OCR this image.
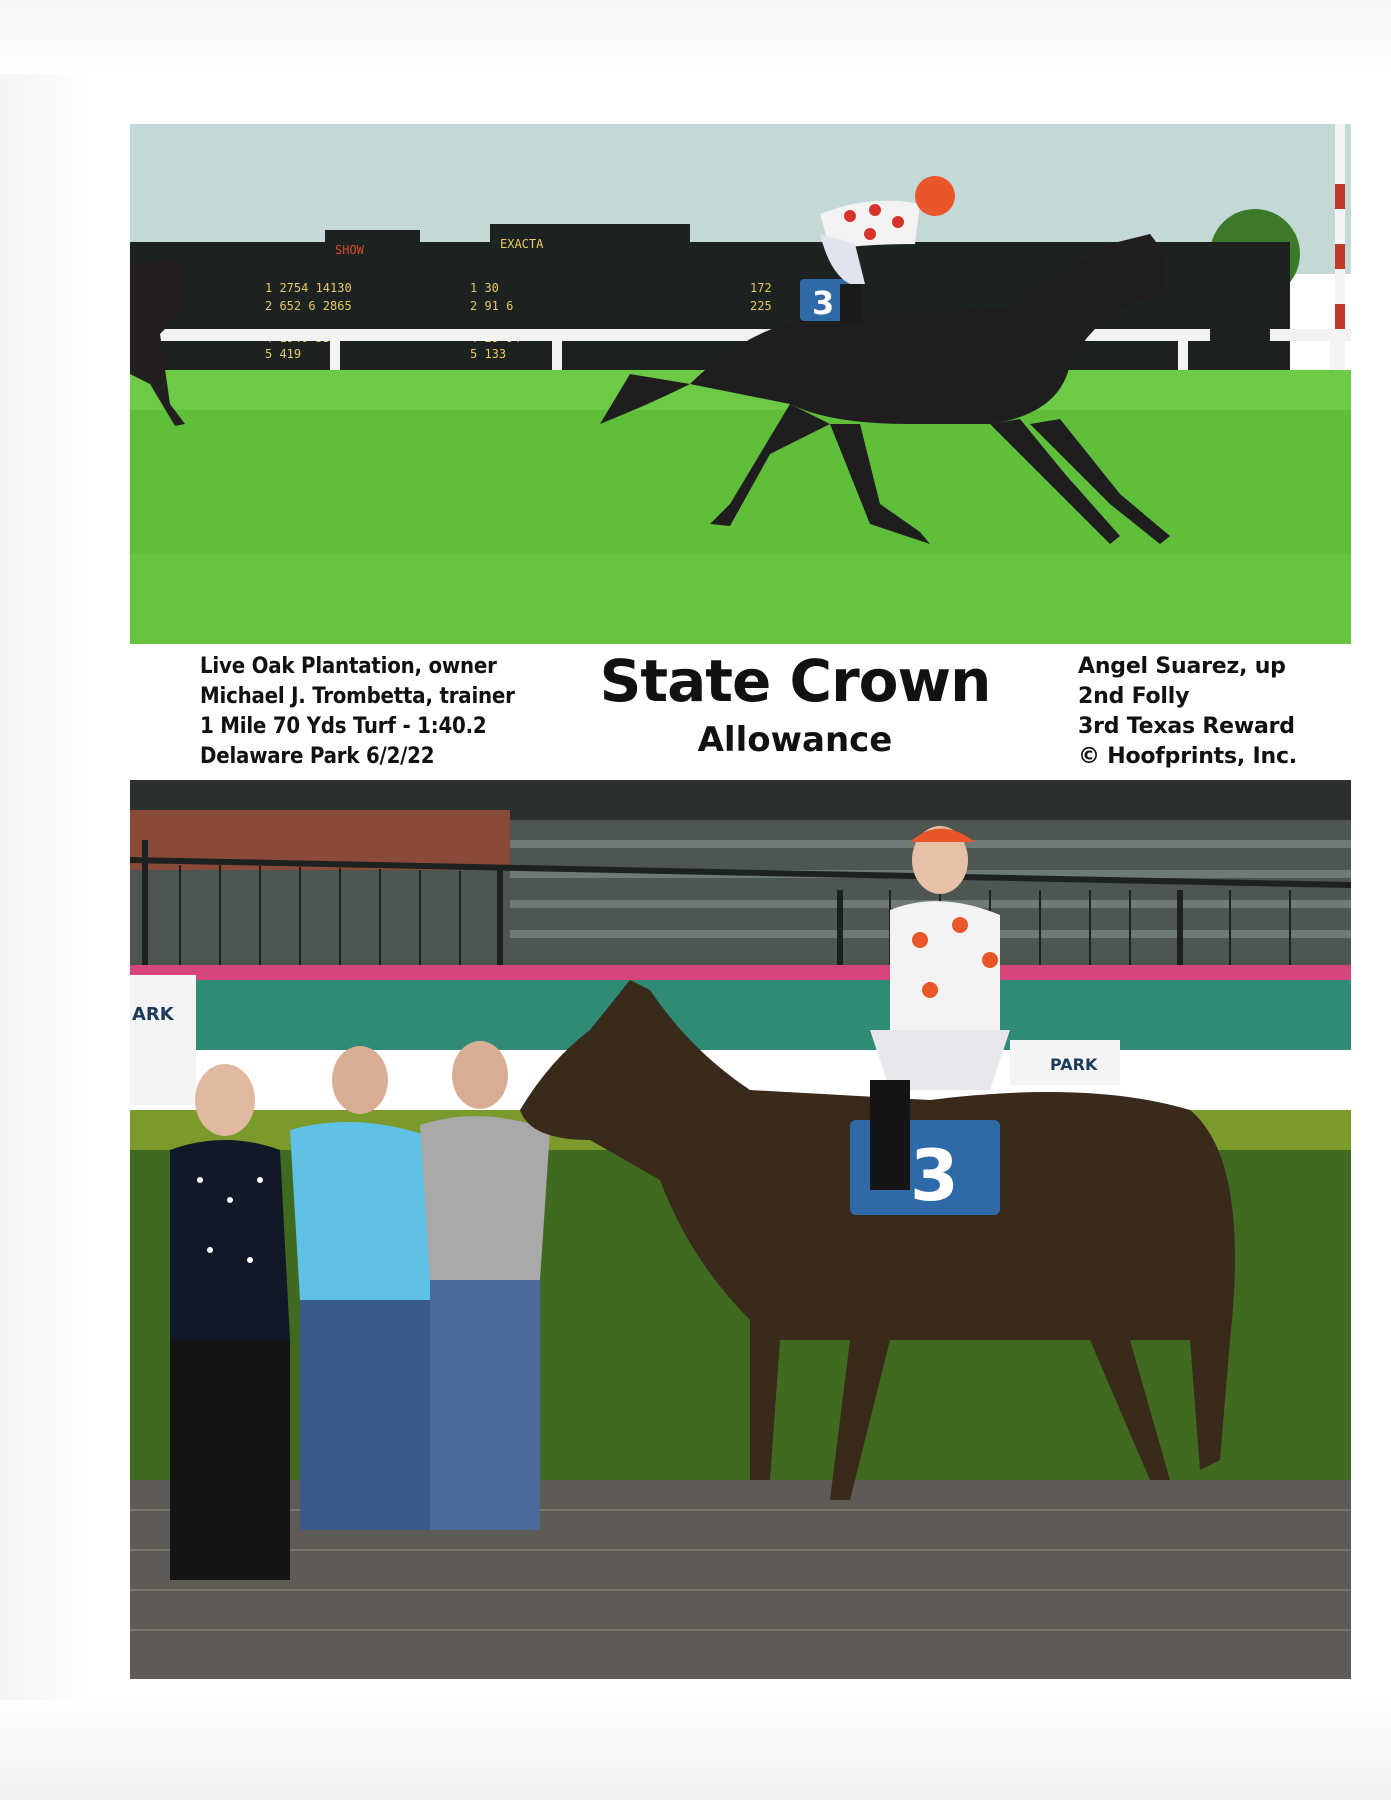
SHOW	EXACTA
1 2754 14130
2 652 6 2865
5 419
1 30
2 91 6
5 133
172
225 3
Live Oak Plantation, owner
Michael J. Trombetta, trainer
1 Mile 70 Yds Turf - 1:40.2
Delaware Park 6/2/22
State Crown
Allowance
Angel Suarez, up
2nd Folly
3rd Texas Reward
© Hoofprints, Inc.
ARK
PARK
3
